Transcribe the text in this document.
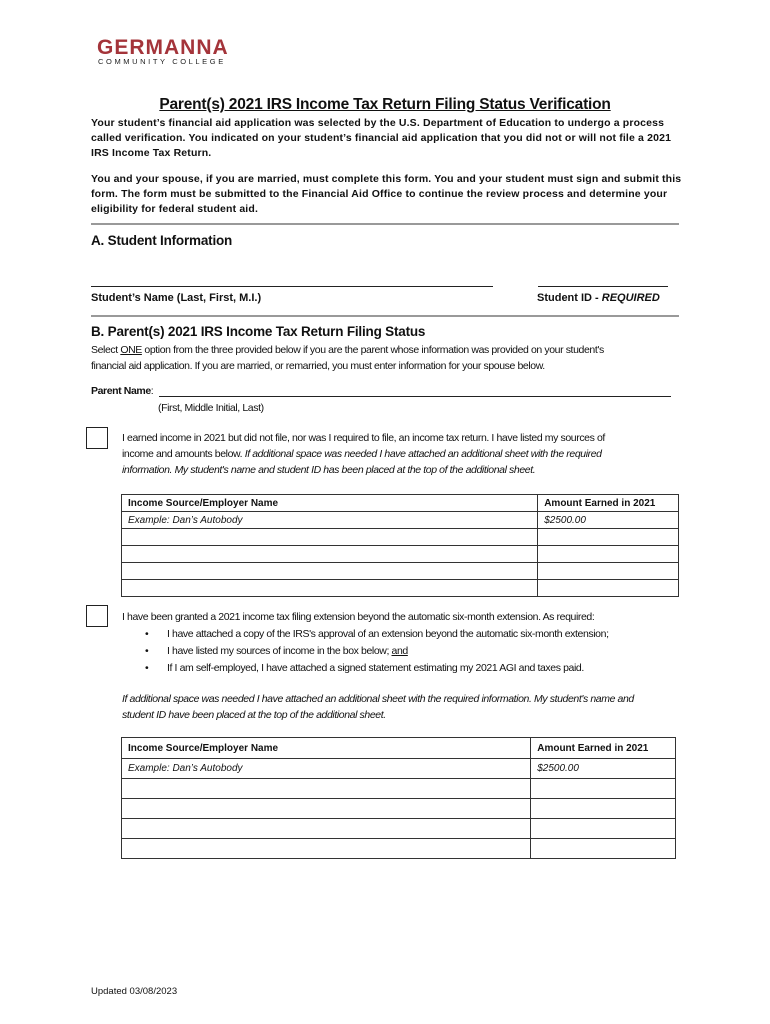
GERMANNA
COMMUNITY COLLEGE
Parent(s) 2021 IRS Income Tax Return Filing Status Verification
Your student’s financial aid application was selected by the U.S. Department of Education to undergo a process called verification. You indicated on your student’s financial aid application that you did not or will not file a 2021 IRS Income Tax Return.
You and your spouse, if you are married, must complete this form. You and your student must sign and submit this form. The form must be submitted to the Financial Aid Office to continue the review process and determine your eligibility for federal student aid.
A. Student Information
Student’s Name (Last, First, M.I.)	Student ID - REQUIRED
B. Parent(s) 2021 IRS Income Tax Return Filing Status
Select ONE option from the three provided below if you are the parent whose information was provided on your student's
financial aid application. If you are married, or remarried, you must enter information for your spouse below.
Parent Name:
(First, Middle Initial, Last)
I earned income in 2021 but did not file, nor was I required to file, an income tax return. I have listed my sources of
income and amounts below. If additional space was needed I have attached an additional sheet with the required
information. My student's name and student ID has been placed at the top of the additional sheet.
Income Source/Employer Name	Amount Earned in 2021
Example: Dan’s Autobody	$2500.00

I have been granted a 2021 income tax filing extension beyond the automatic six-month extension. As required:
• I have attached a copy of the IRS's approval of an extension beyond the automatic six-month extension;
• I have listed my sources of income in the box below; and
• If I am self-employed, I have attached a signed statement estimating my 2021 AGI and taxes paid.
If additional space was needed I have attached an additional sheet with the required information. My student's name and
student ID have been placed at the top of the additional sheet.
Income Source/Employer Name	Amount Earned in 2021
Example: Dan’s Autobody	$2500.00

Updated 03/08/2023
